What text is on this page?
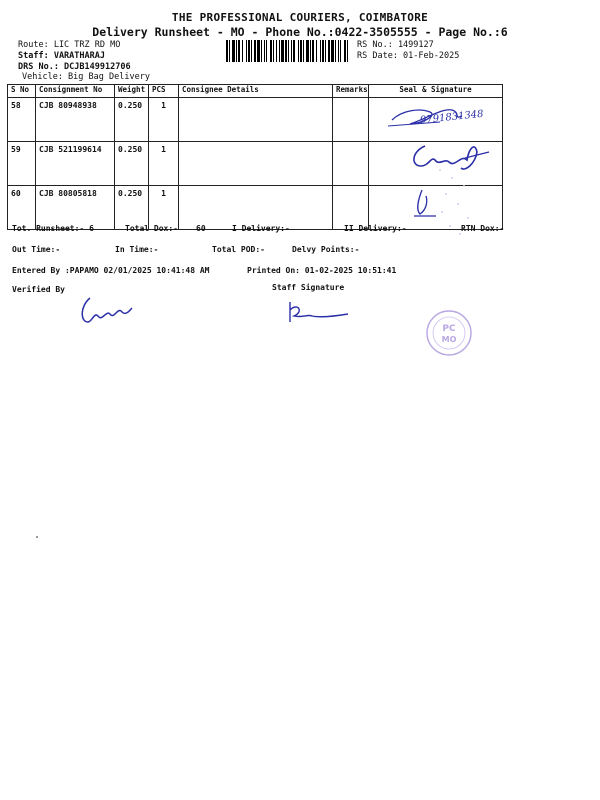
THE PROFESSIONAL COURIERS, COIMBATORE
Delivery Runsheet - MO - Phone No.:0422-3505555 - Page No.:6
Route: LIC TRZ RD MO
Staff: VARATHARAJ
DRS No.: DCJB149912706
Vehicle: Big Bag Delivery
RS No.: 1499127
RS Date: 01-Feb-2025
S No	Consignment No	Weight	PCS	Consignee Details	Remarks	Seal & Signature
58	CJB 80948938	0.250	1			
59	CJB 521199614	0.250	1			
60	CJB 80805818	0.250	1			
9791831348
Tot. Runsheet:- 6	Total Dox:- 60	I Delivery:-	II Delivery:-	RTN Dox:-
Out Time:-	In Time:-	Total POD:-	Delvy Points:-
Entered By :PAPAMO 02/01/2025 10:41:48 AM	Printed On: 01-02-2025 10:51:41
Verified By	Staff Signature
PC
MO
